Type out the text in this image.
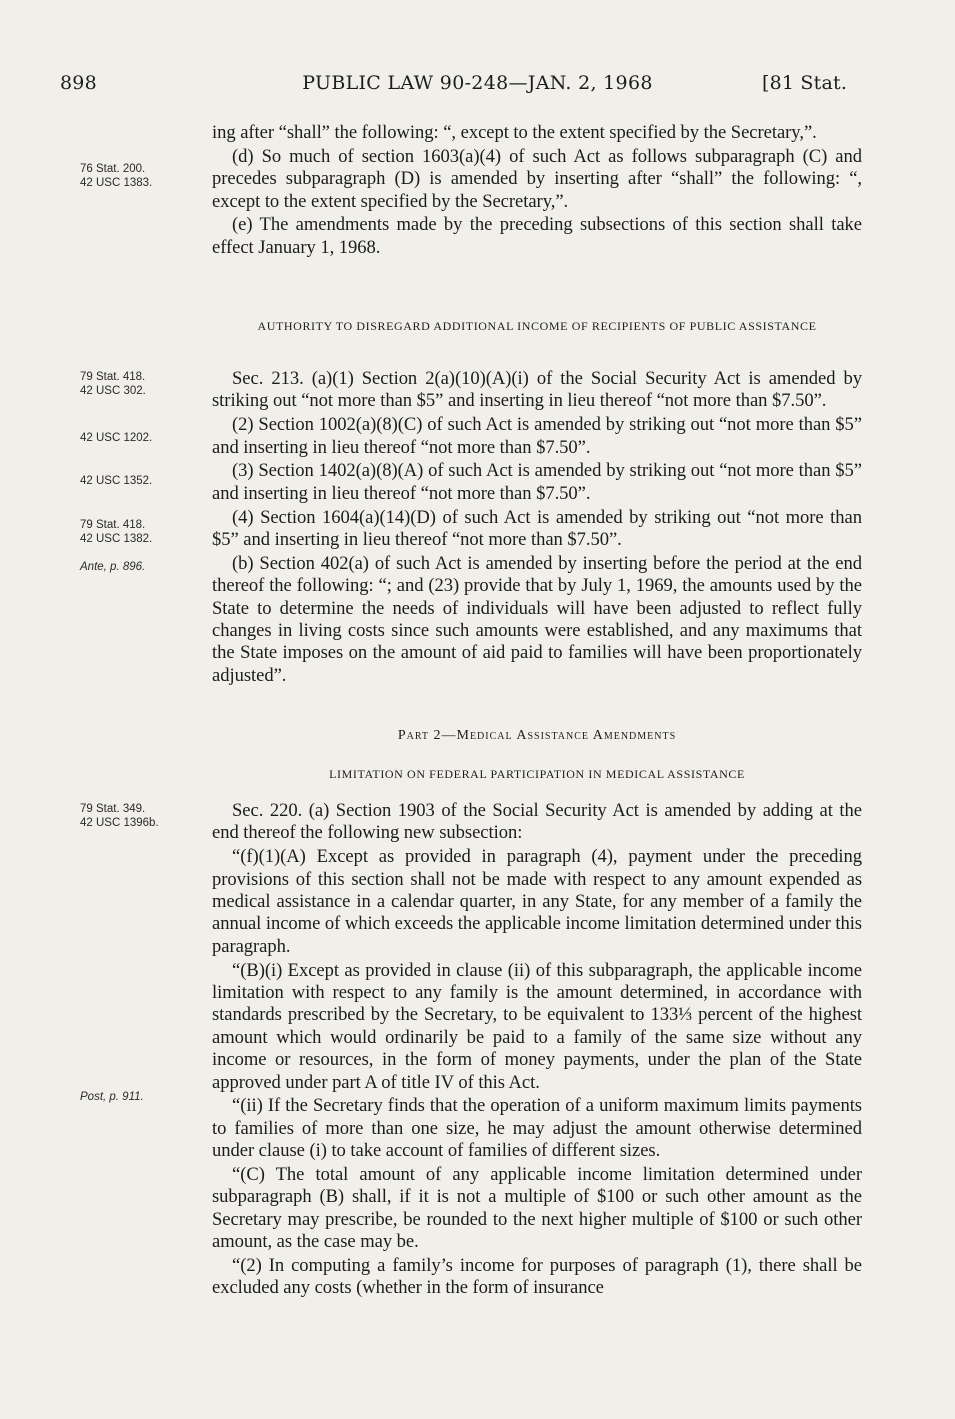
898	PUBLIC LAW 90-248—JAN. 2, 1968	[81 Stat.
76 Stat. 200.
42 USC 1383.
79 Stat. 418.
42 USC 302.
42 USC 1202.
42 USC 1352.
79 Stat. 418.
42 USC 1382.
Ante, p. 896.
79 Stat. 349.
42 USC 1396b.
Post, p. 911.

ing after “shall” the following: “, except to the extent specified by the Secretary,”.

(d) So much of section 1603(a)(4) of such Act as follows subparagraph (C) and precedes subparagraph (D) is amended by inserting after “shall” the following: “, except to the extent specified by the Secretary,”.

(e) The amendments made by the preceding subsections of this section shall take effect January 1, 1968.

AUTHORITY TO DISREGARD ADDITIONAL INCOME OF RECIPIENTS OF PUBLIC ASSISTANCE

Sec. 213. (a)(1) Section 2(a)(10)(A)(i) of the Social Security Act is amended by striking out “not more than $5” and inserting in lieu thereof “not more than $7.50”.

(2) Section 1002(a)(8)(C) of such Act is amended by striking out “not more than $5” and inserting in lieu thereof “not more than $7.50”.

(3) Section 1402(a)(8)(A) of such Act is amended by striking out “not more than $5” and inserting in lieu thereof “not more than $7.50”.

(4) Section 1604(a)(14)(D) of such Act is amended by striking out “not more than $5” and inserting in lieu thereof “not more than $7.50”.

(b) Section 402(a) of such Act is amended by inserting before the period at the end thereof the following: “; and (23) provide that by July 1, 1969, the amounts used by the State to determine the needs of individuals will have been adjusted to reflect fully changes in living costs since such amounts were established, and any maximums that the State imposes on the amount of aid paid to families will have been proportionately adjusted”.

Part 2—Medical Assistance Amendments
LIMITATION ON FEDERAL PARTICIPATION IN MEDICAL ASSISTANCE

Sec. 220. (a) Section 1903 of the Social Security Act is amended by adding at the end thereof the following new subsection:

“(f)(1)(A) Except as provided in paragraph (4), payment under the preceding provisions of this section shall not be made with respect to any amount expended as medical assistance in a calendar quarter, in any State, for any member of a family the annual income of which exceeds the applicable income limitation determined under this paragraph.

“(B)(i) Except as provided in clause (ii) of this subparagraph, the applicable income limitation with respect to any family is the amount determined, in accordance with standards prescribed by the Secretary, to be equivalent to 133⅓ percent of the highest amount which would ordinarily be paid to a family of the same size without any income or resources, in the form of money payments, under the plan of the State approved under part A of title IV of this Act.

“(ii) If the Secretary finds that the operation of a uniform maximum limits payments to families of more than one size, he may adjust the amount otherwise determined under clause (i) to take account of families of different sizes.

“(C) The total amount of any applicable income limitation determined under subparagraph (B) shall, if it is not a multiple of $100 or such other amount as the Secretary may prescribe, be rounded to the next higher multiple of $100 or such other amount, as the case may be.

“(2) In computing a family’s income for purposes of paragraph (1), there shall be excluded any costs (whether in the form of insurance
